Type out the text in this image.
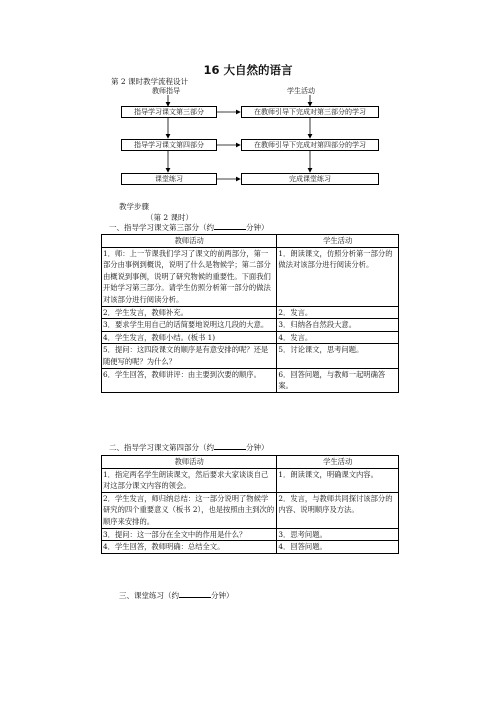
16 大自然的语言
第 2 课时教学流程设计
教师指导	学生活动
指导学习课文第三部分
指导学习课文第四部分
课堂练习
在教师引导下完成对第三部分的学习
在教师引导下完成对第四部分的学习
完成课堂练习
教学步骤
（第 2 课时）
一、指导学习课文第三部分（约	分钟）
教师活动	学生活动
1．师：上一节课我们学习了课文的前两部分，第一部分由事例到概说，说明了什么是物候学；第二部分由概说到事例，说明了研究物候的重要性。下面我们开始学习第三部分。请学生仿照分析第一部分的做法对该部分进行阅读分析。	1．朗读课文，仿照分析第一部分的做法对该部分进行阅读分析。
2．学生发言，教师补充。	2．发言。
3．要求学生用自己的话简要地说明这几段的大意。	3．归纳各自然段大意。
4．学生发言，教师小结。(板书 1)	4．发言。
5．提问：这四段课文的顺序是有意安排的呢？还是随便写的呢？为什么？	5．讨论课文，思考问题。
6．学生回答，教师讲评：由主要到次要的顺序。	6．回答问题，与教师一起明确答案。
二、指导学习课文第四部分（约	分钟）
教师活动	学生活动
1．指定两名学生朗读课文，然后要求大家谈谈自己对这部分课文内容的领会。	1．朗读课文，明确课文内容。
2．学生发言，师归纳总结：这一部分说明了物候学研究的四个重要意义（板书 2），也是按照由主到次的顺序来安排的。	2．发言，与教师共同探讨该部分的内容、说明顺序及方法。
3．提问：这一部分在全文中的作用是什么？	3．思考问题。
4．学生回答，教师明确：总结全文。	4．回答问题。
三、课堂练习（约	分钟）
